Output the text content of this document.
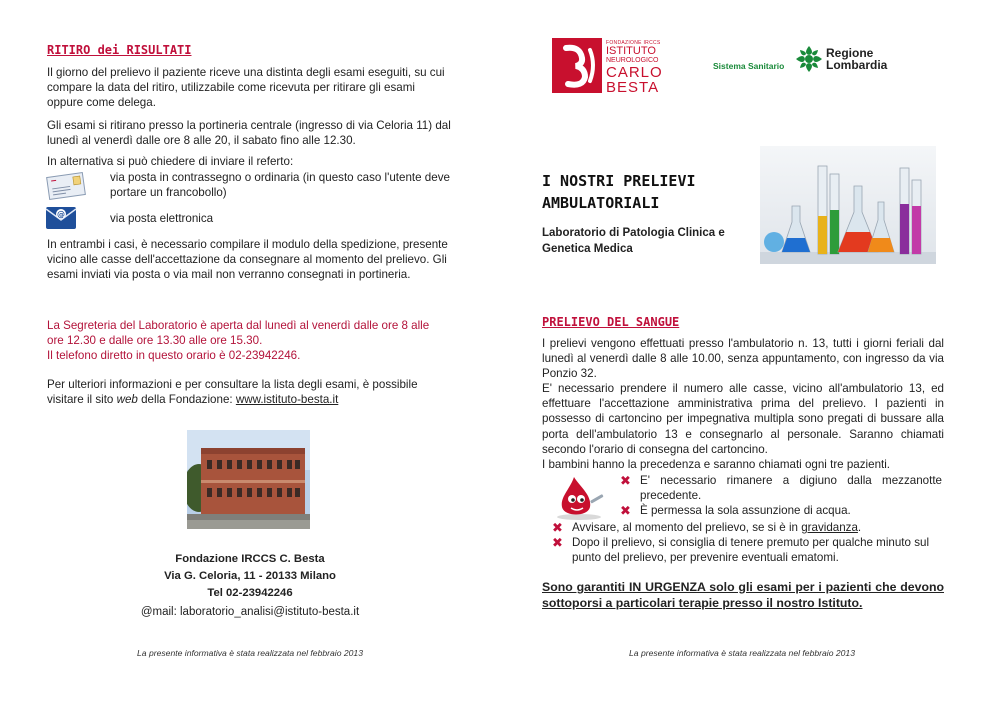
RITIRO dei RISULTATI

Il giorno del prelievo il paziente riceve una distinta degli esami eseguiti, su cui compare la data del ritiro, utilizzabile come ricevuta per ritirare gli esami oppure come delega.

Gli esami si ritirano presso la portineria centrale (ingresso di via Celoria 11) dal lunedì al venerdì dalle ore 8 alle 20, il sabato fino alle 12.30.

In alternativa si può chiedere di inviare il referto:

via posta in contrassegno o ordinaria (in questo caso l'utente deve portare un francobollo)

@	via posta elettronica

In entrambi i casi, è necessario compilare il modulo della spedizione, presente vicino alle casse dell'accettazione da consegnare al momento del prelievo. Gli esami inviati via posta o via mail non verranno consegnati in portineria.

La Segreteria del Laboratorio è aperta dal lunedì al venerdì dalle ore 8 alle

ore 12.30 e dalle ore 13.30 alle ore 15.30.

Il telefono diretto in questo orario è 02-23942246.

Per ulteriori informazioni e per consultare la lista degli esami, è possibile visitare il sito web della Fondazione: www.istituto-besta.it

Fondazione IRCCS C. Besta

Via G. Celoria, 11 - 20133 Milano

Tel 02-23942246

@mail: laboratorio_analisi@istituto-besta.it

La presente informativa è stata realizzata nel febbraio 2013

FONDAZIONE IRCCS
ISTITUTO
NEUROLOGICO
CARLO
BESTA
Sistema Sanitario
Regione
Lombardia
I NOSTRI PRELIEVI
AMBULATORIALI

Laboratorio di Patologia Clinica e Genetica Medica

PRELIEVO DEL SANGUE

I prelievi vengono effettuati presso l'ambulatorio n. 13, tutti i giorni feriali dal lunedì al venerdì dalle 8 alle 10.00, senza appuntamento, con ingresso da via Ponzio 32.

E' necessario prendere il numero alle casse, vicino all'ambulatorio 13, ed effettuare l'accettazione amministrativa prima del prelievo. I pazienti in possesso di cartoncino per impegnativa multipla sono pregati di bussare alla porta dell'ambulatorio 13 e consegnarlo al personale. Saranno chiamati secondo l'orario di consegna del cartoncino.

I bambini hanno la precedenza e saranno chiamati ogni tre pazienti.

✖ E' necessario rimanere a digiuno dalla mezzanotte precedente.

✖ È permessa la sola assunzione di acqua.

✖ Avvisare, al momento del prelievo, se si è in gravidanza.

✖ Dopo il prelievo, si consiglia di tenere premuto per qualche minuto sul punto del prelievo, per prevenire eventuali ematomi.

Sono garantiti IN URGENZA solo gli esami per i pazienti che devono sottoporsi a particolari terapie presso il nostro Istituto.

La presente informativa è stata realizzata nel febbraio 2013
